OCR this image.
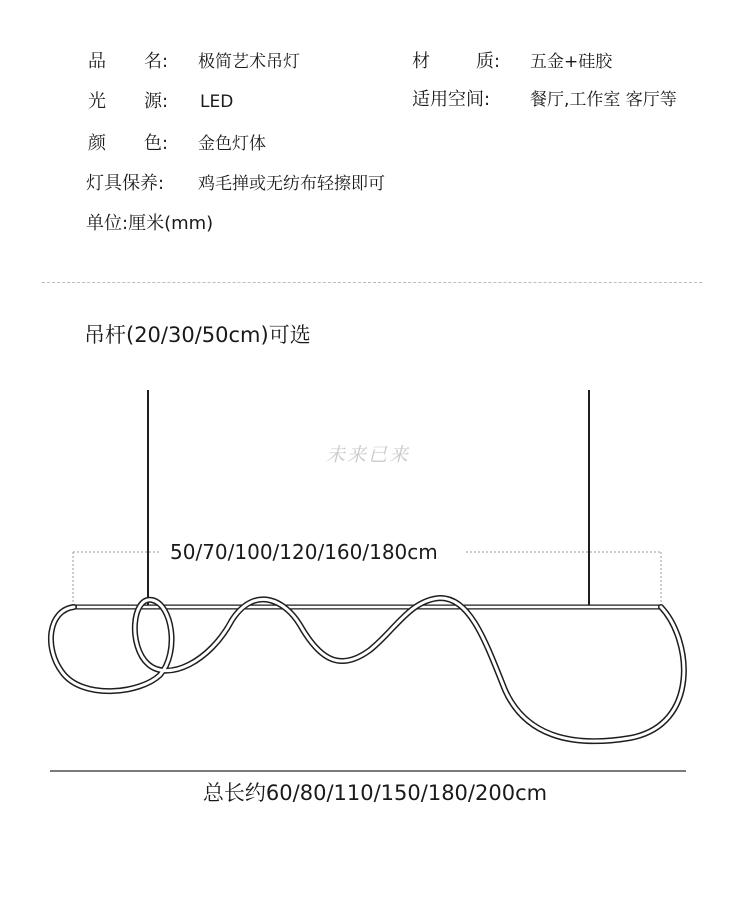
品 名: 极简艺术吊灯	材	质: 五金+硅胶
光 源: LED	适用空间: 餐厅,工作室 客厅等
颜 色: 金色灯体
灯具保养: 鸡毛掸或无纺布轻擦即可
单位:厘米(mm)
吊杆(20/30/50cm)可选
未来已来
50/70/100/120/160/180cm
总长约60/80/110/150/180/200cm
